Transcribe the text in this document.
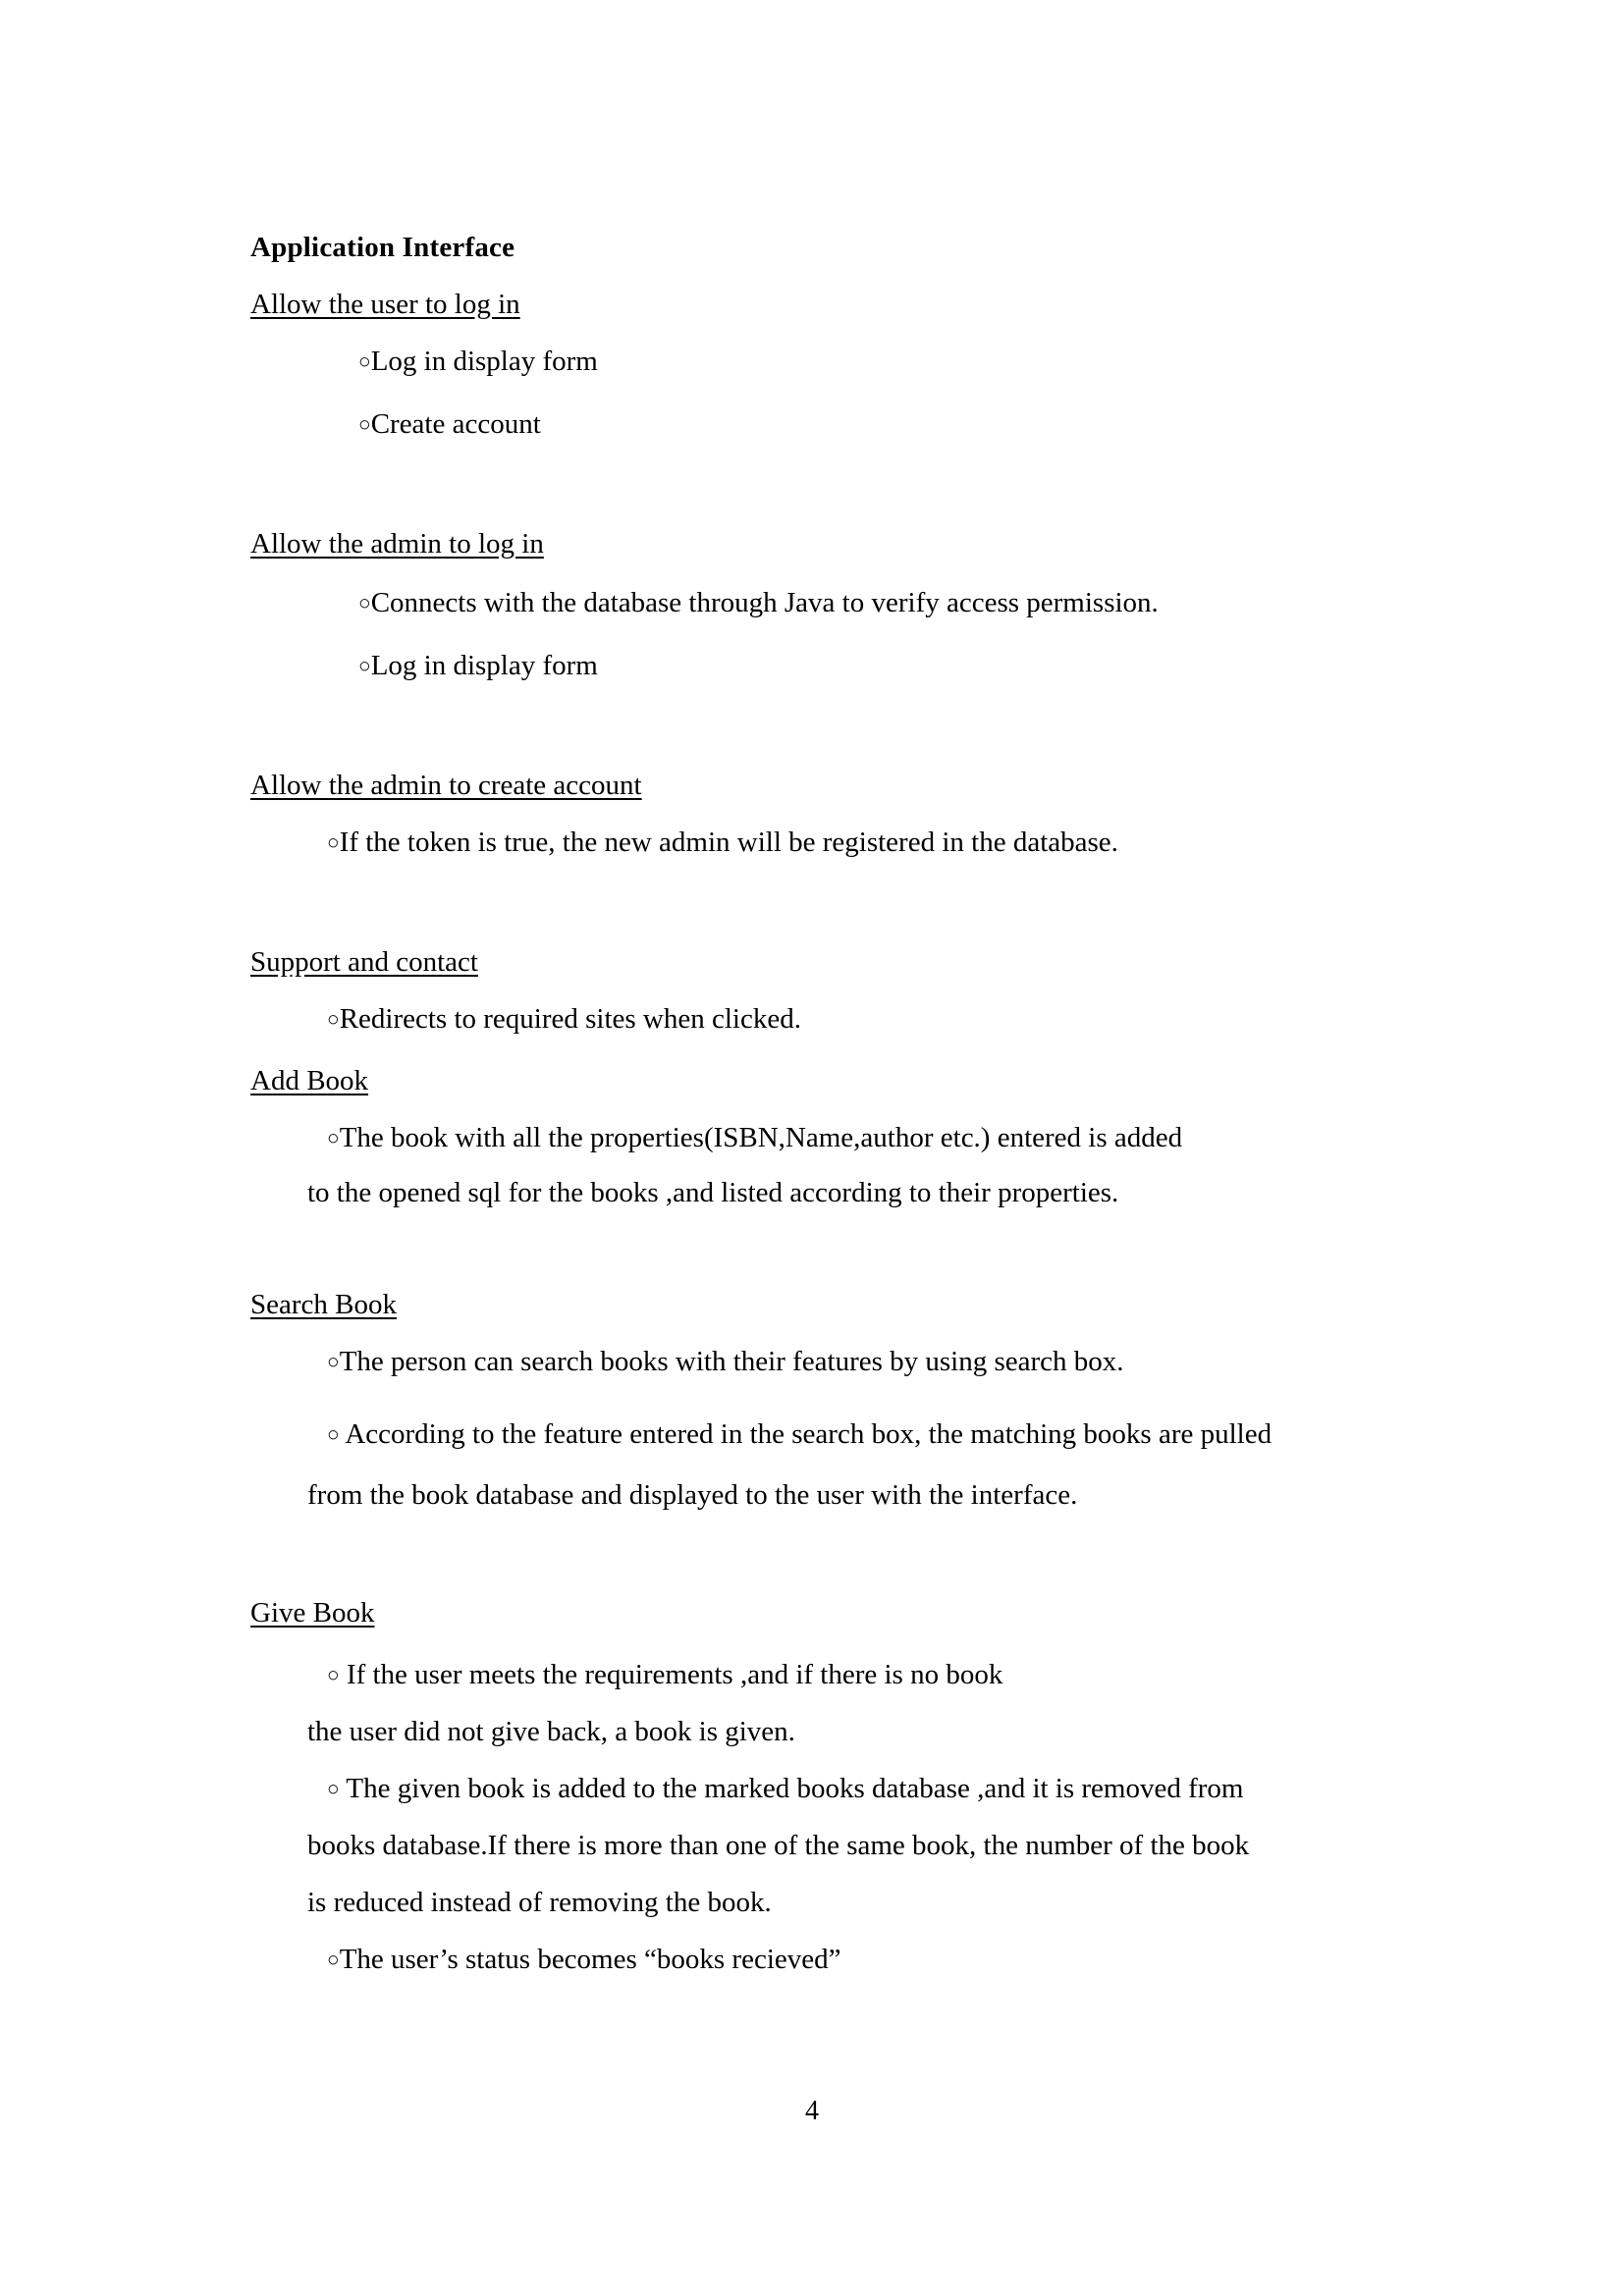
Application Interface
Allow the user to log in
○Log in display form
○Create account
Allow the admin to log in
○Connects with the database through Java to verify access permission.
○Log in display form
Allow the admin to create account
○If the token is true, the new admin will be registered in the database.
Support and contact
○Redirects to required sites when clicked.
Add Book
○The book with all the properties(ISBN,Name,author etc.) entered is added
to the opened sql for the books ,and listed according to their properties.
Search Book
○The person can search books with their features by using search box.
○ According to the feature entered in the search box, the matching books are pulled
from the book database and displayed to the user with the interface.
Give Book
○ If the user meets the requirements ,and if there is no book
the user did not give back, a book is given.
○ The given book is added to the marked books database ,and it is removed from
books database.If there is more than one of the same book, the number of the book
is reduced instead of removing the book.
○The user’s status becomes “books recieved”
4
